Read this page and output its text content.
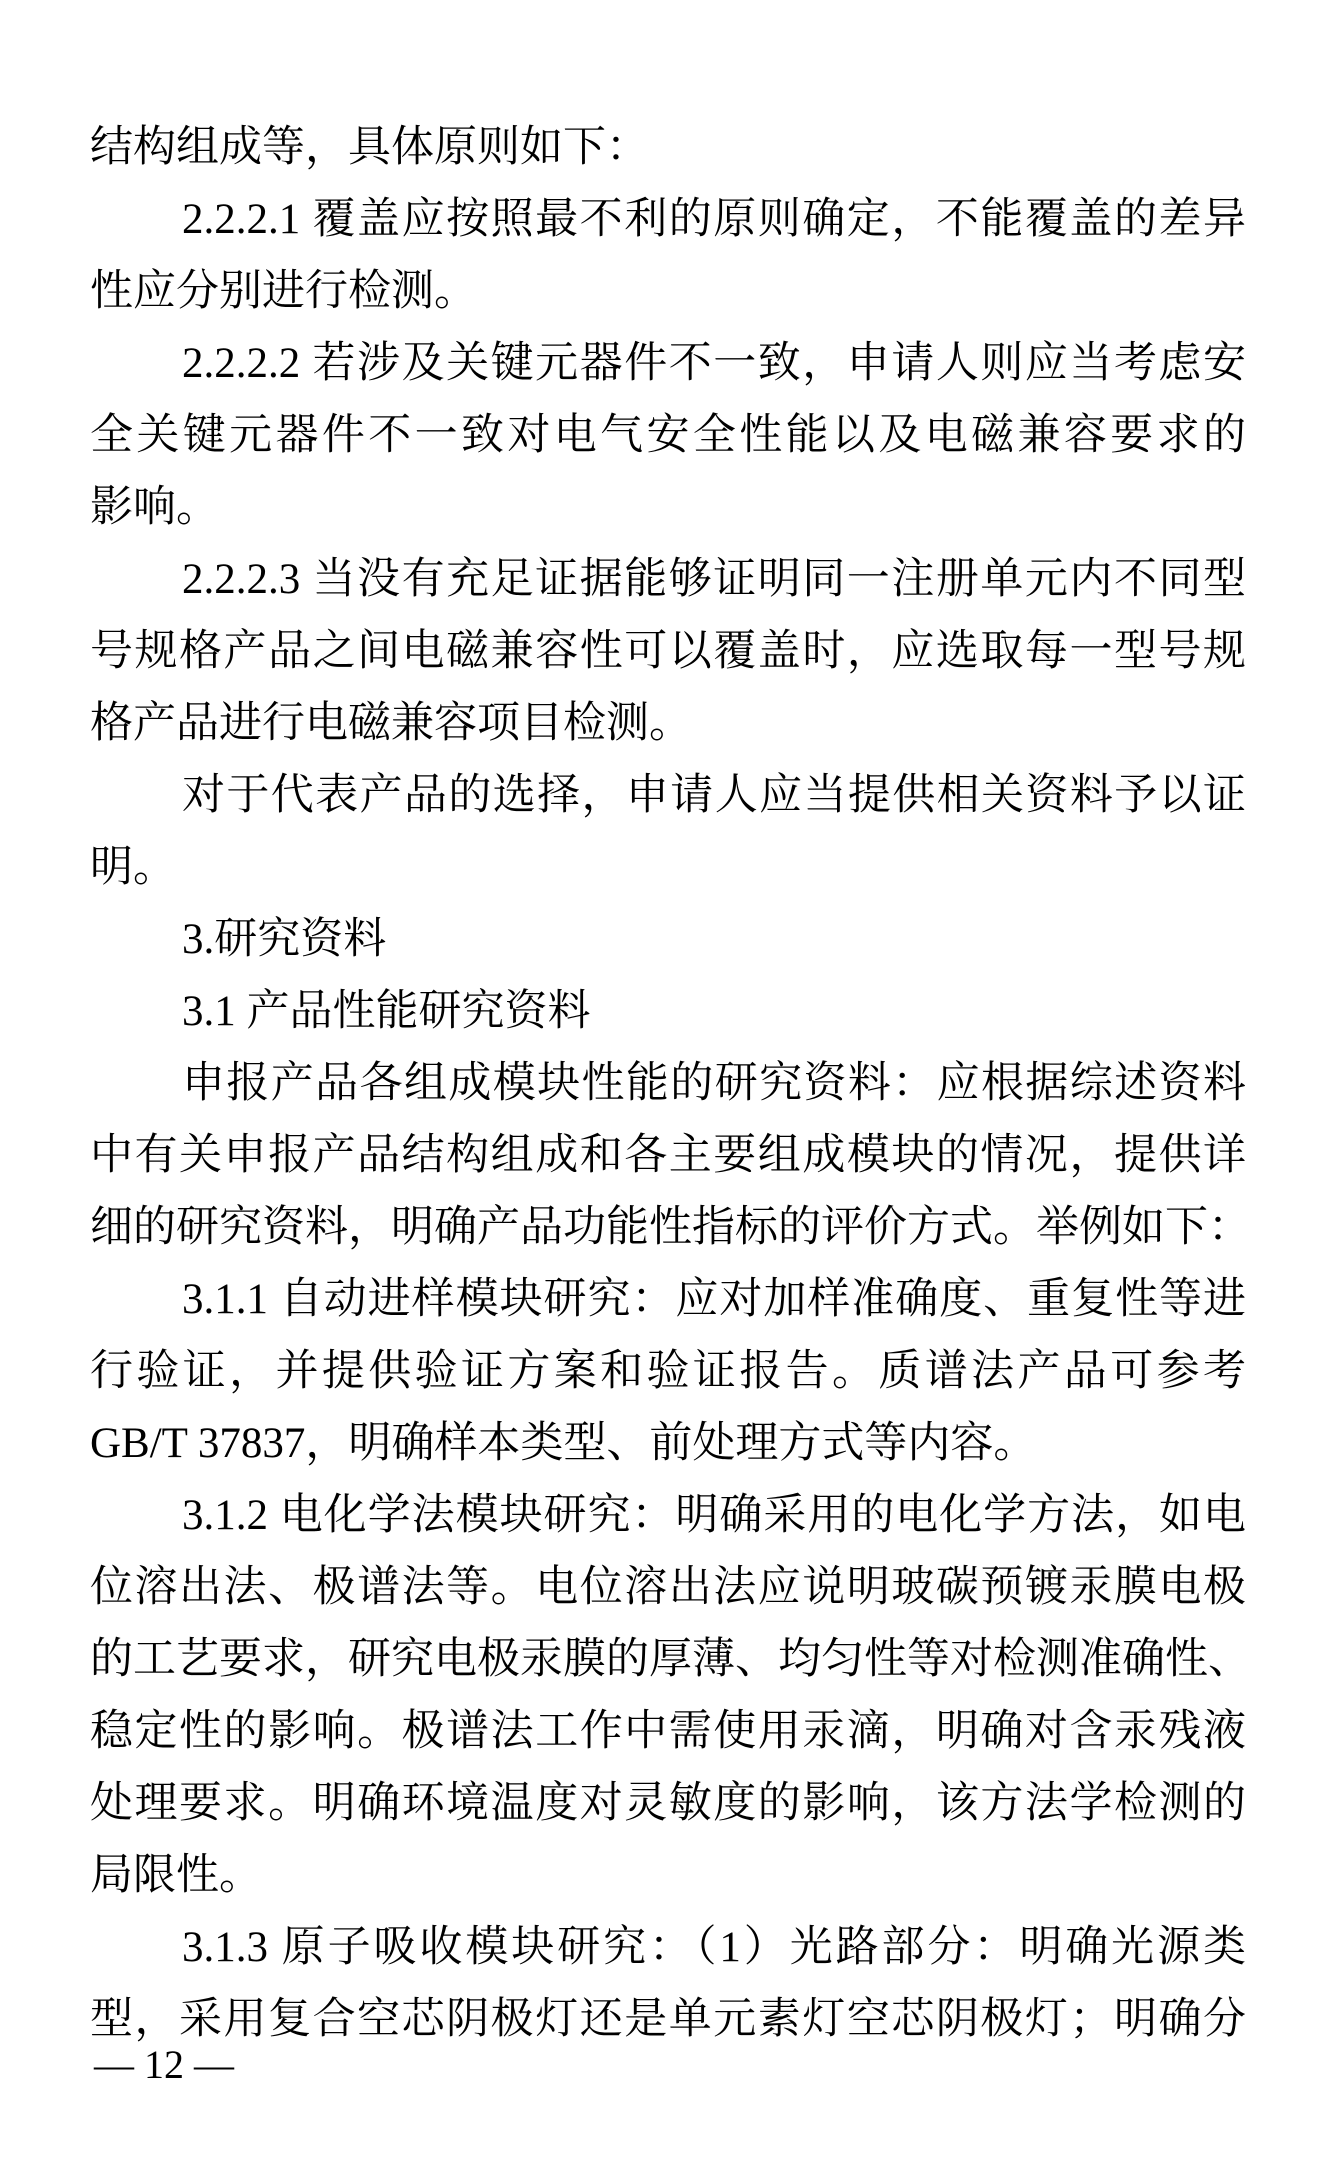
结构组成等，具体原则如下：
2.2.2.1 覆盖应按照最不利的原则确定，不能覆盖的差异
性应分别进行检测。
2.2.2.2 若涉及关键元器件不一致，申请人则应当考虑安
全关键元器件不一致对电气安全性能以及电磁兼容要求的
影响。
2.2.2.3 当没有充足证据能够证明同一注册单元内不同型
号规格产品之间电磁兼容性可以覆盖时，应选取每一型号规
格产品进行电磁兼容项目检测。
对于代表产品的选择，申请人应当提供相关资料予以证
明。
3.研究资料
3.1 产品性能研究资料
申报产品各组成模块性能的研究资料：应根据综述资料
中有关申报产品结构组成和各主要组成模块的情况，提供详
细的研究资料，明确产品功能性指标的评价方式。举例如下：
3.1.1 自动进样模块研究：应对加样准确度、重复性等进
行验证，并提供验证方案和验证报告。质谱法产品可参考
GB/T 37837，明确样本类型、前处理方式等内容。
3.1.2 电化学法模块研究：明确采用的电化学方法，如电
位溶出法、极谱法等。电位溶出法应说明玻碳预镀汞膜电极
的工艺要求，研究电极汞膜的厚薄、均匀性等对检测准确性、
稳定性的影响。极谱法工作中需使用汞滴，明确对含汞残液
处理要求。明确环境温度对灵敏度的影响，该方法学检测的
局限性。
3.1.3 原子吸收模块研究：（1）光路部分：明确光源类
型，采用复合空芯阴极灯还是单元素灯空芯阴极灯；明确分
— 12 —
